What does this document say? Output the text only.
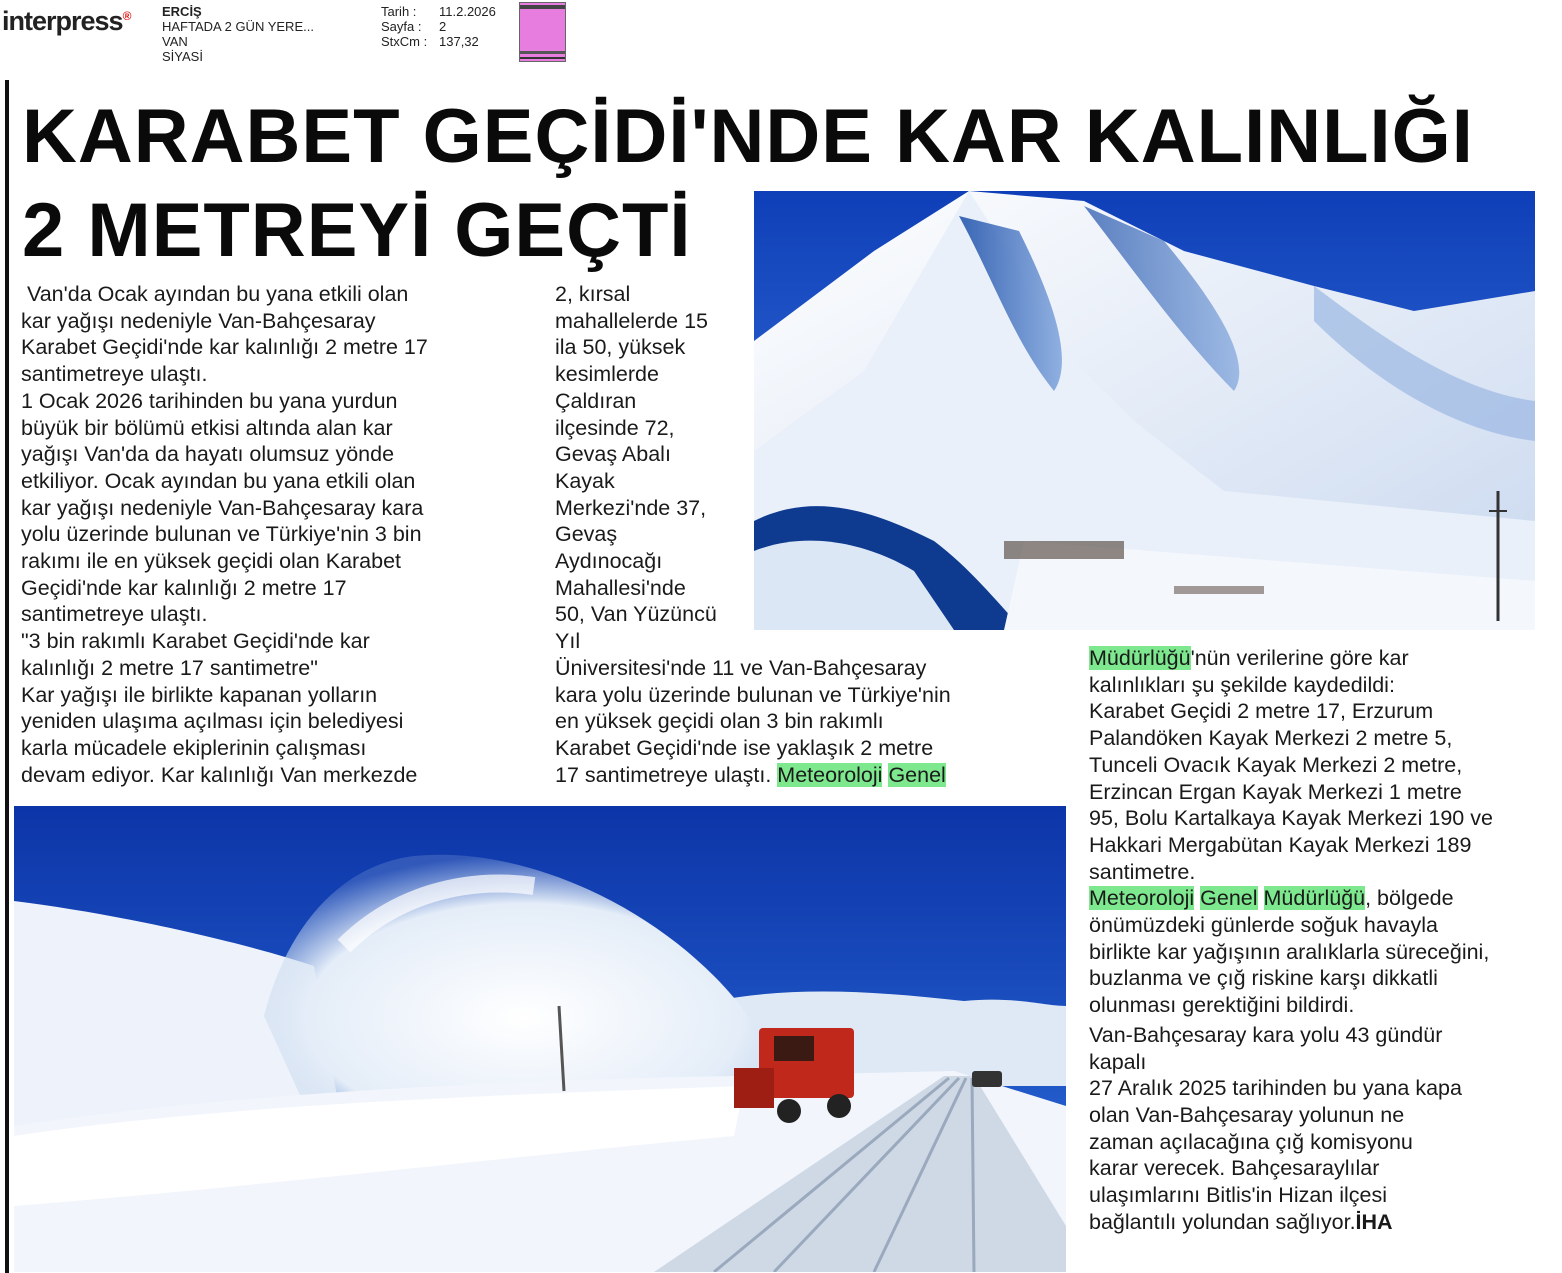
interpress® ERCİŞ
HAFTADA 2 GÜN YERE...
VAN
SİYASİ
Tarih :	11.2.2026
Sayfa :	2
StxCm : 137,32
KARABET GEÇİDİ'NDE KAR KALINLIĞI
2 METREYİ GEÇTİ

Van'da Ocak ayından bu yana etkili olan

kar yağışı nedeniyle Van-Bahçesaray

Karabet Geçidi'nde kar kalınlığı 2 metre 17

santimetreye ulaştı.

1 Ocak 2026 tarihinden bu yana yurdun

büyük bir bölümü etkisi altında alan kar

yağışı Van'da da hayatı olumsuz yönde

etkiliyor. Ocak ayından bu yana etkili olan

kar yağışı nedeniyle Van-Bahçesaray kara

yolu üzerinde bulunan ve Türkiye'nin 3 bin

rakımı ile en yüksek geçidi olan Karabet

Geçidi'nde kar kalınlığı 2 metre 17

santimetreye ulaştı.

"3 bin rakımlı Karabet Geçidi'nde kar

kalınlığı 2 metre 17 santimetre"

Kar yağışı ile birlikte kapanan yolların

yeniden ulaşıma açılması için belediyesi

karla mücadele ekiplerinin çalışması

devam ediyor. Kar kalınlığı Van merkezde

2, kırsal

mahallelerde 15

ila 50, yüksek

kesimlerde

Çaldıran

ilçesinde 72,

Gevaş Abalı

Kayak

Merkezi'nde 37,

Gevaş

Aydınocağı

Mahallesi'nde

50, Van Yüzüncü

Yıl

Üniversitesi'nde 11 ve Van-Bahçesaray

kara yolu üzerinde bulunan ve Türkiye'nin

en yüksek geçidi olan 3 bin rakımlı

Karabet Geçidi'nde ise yaklaşık 2 metre

17 santimetreye ulaştı. Meteoroloji Genel

Müdürlüğü'nün verilerine göre kar

kalınlıkları şu şekilde kaydedildi:

Karabet Geçidi 2 metre 17, Erzurum

Palandöken Kayak Merkezi 2 metre 5,

Tunceli Ovacık Kayak Merkezi 2 metre,

Erzincan Ergan Kayak Merkezi 1 metre

95, Bolu Kartalkaya Kayak Merkezi 190 ve

Hakkari Mergabütan Kayak Merkezi 189

santimetre.

Meteoroloji Genel Müdürlüğü, bölgede

önümüzdeki günlerde soğuk havayla

birlikte kar yağışının aralıklarla süreceğini,

buzlanma ve çığ riskine karşı dikkatli

olunması gerektiğini bildirdi.

Van-Bahçesaray kara yolu 43 gündür

kapalı

27 Aralık 2025 tarihinden bu yana kapa

olan Van-Bahçesaray yolunun ne

zaman açılacağına çığ komisyonu

karar verecek. Bahçesaraylılar

ulaşımlarını Bitlis'in Hizan ilçesi

bağlantılı yolundan sağlıyor.İHA
